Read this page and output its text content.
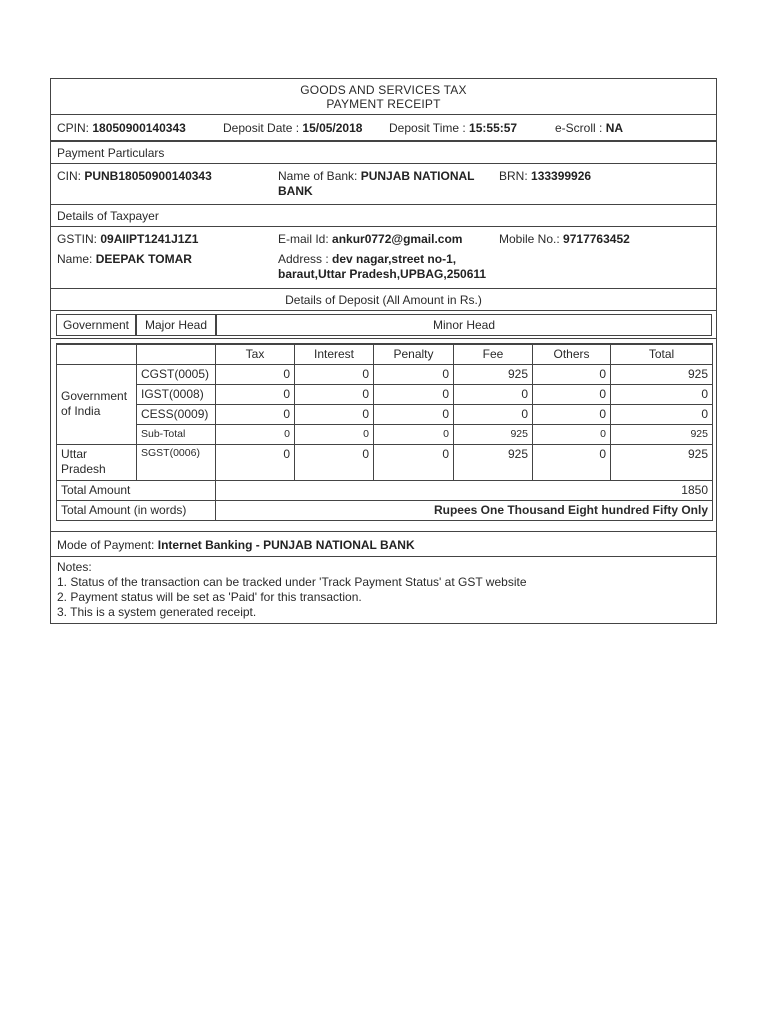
GOODS AND SERVICES TAX
PAYMENT RECEIPT
CPIN: 18050900140343	Deposit Date : 15/05/2018 Deposit Time : 15:55:57	e-Scroll : NA
Payment Particulars
CIN: PUNB18050900140343	Name of Bank: PUNJAB NATIONAL
BANK
BRN: 133399926
Details of Taxpayer
GSTIN: 09AIIPT1241J1Z1	E-mail Id: ankur0772@gmail.com	Mobile No.: 9717763452
Name: DEEPAK TOMAR	Address : dev nagar,street no-1,
baraut,Uttar Pradesh,UPBAG,250611
Details of Deposit (All Amount in Rs.)
Government	Major Head	Minor Head
		Tax	Interest	Penalty	Fee	Others	Total
Government
of India	CGST(0005)	0	0	0	925	0	925
	IGST(0008)	0	0	0	0	0	0
	CESS(0009)	0	0	0	0	0	0
	Sub-Total	0	0	0	925	0	925
Uttar
Pradesh	SGST(0006)	0	0	0	925	0	925
Total Amount		1850					
Total Amount (in words)		Rupees One Thousand Eight hundred Fifty Only					
Mode of Payment: Internet Banking - PUNJAB NATIONAL BANK
Notes:
1. Status of the transaction can be tracked under 'Track Payment Status' at GST website
2. Payment status will be set as 'Paid' for this transaction.
3. This is a system generated receipt.
